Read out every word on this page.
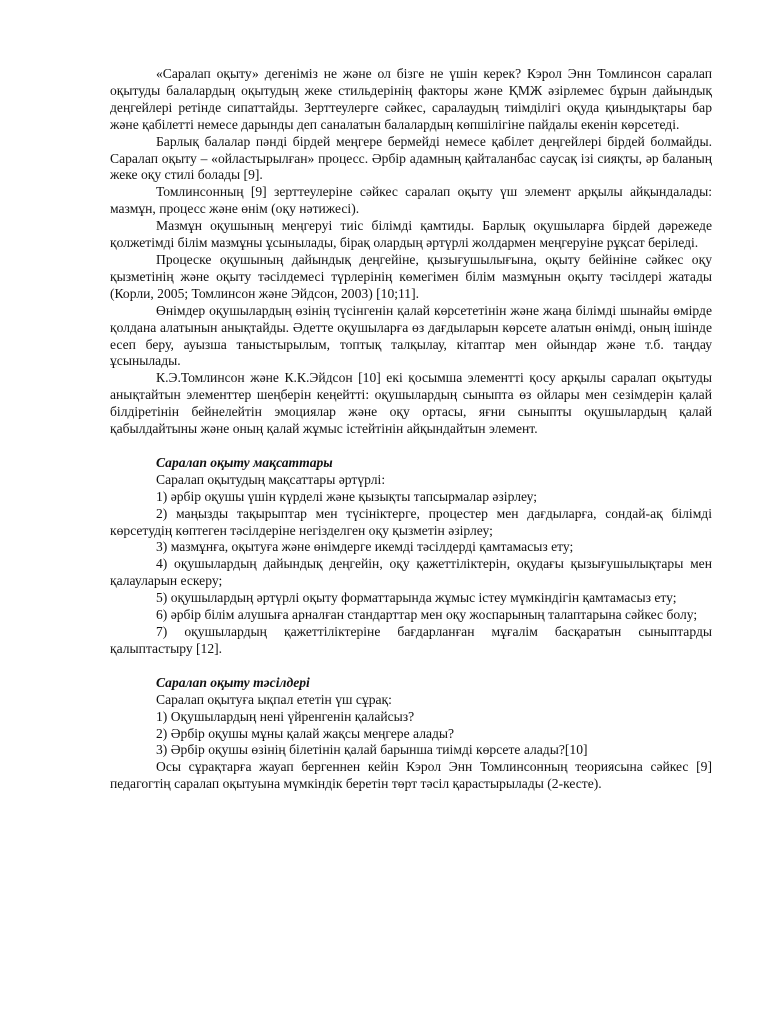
«Саралап оқыту» дегеніміз не және ол бізге не үшін керек? Кэрол Энн Томлинсон саралап оқытуды балалардың оқытудың жеке стильдерінің факторы және ҚМЖ әзірлемес бұрын дайындық деңгейлері ретінде сипаттайды. Зерттеулерге сәйкес, саралаудың тиімділігі оқуда қиындықтары бар және қабілетті немесе дарынды деп саналатын балалардың көпшілігіне пайдалы екенін көрсетеді.

Барлық балалар пәнді бірдей меңгере бермейді немесе қабілет деңгейлері бірдей болмайды. Саралап оқыту – «ойластырылған» процесс. Әрбір адамның қайталанбас саусақ ізі сияқты, әр баланың жеке оқу стилі болады [9].

Томлинсонның [9] зерттеулеріне сәйкес саралап оқыту үш элемент арқылы айқындалады: мазмұн, процесс және өнім (оқу нәтижесі).

Мазмұн оқушының меңгеруі тиіс білімді қамтиды. Барлық оқушыларға бірдей дәрежеде қолжетімді білім мазмұны ұсынылады, бірақ олардың әртүрлі жолдармен меңгеруіне рұқсат беріледі.

Процеске оқушының дайындық деңгейіне, қызығушылығына, оқыту бейініне сәйкес оқу қызметінің және оқыту тәсілдемесі түрлерінің көмегімен білім мазмұнын оқыту тәсілдері жатады (Корли, 2005; Томлинсон және Эйдсон, 2003) [10;11].

Өнімдер оқушылардың өзінің түсінгенін қалай көрсететінін және жаңа білімді шынайы өмірде қолдана алатынын анықтайды. Әдетте оқушыларға өз дағдыларын көрсете алатын өнімді, оның ішінде есеп беру, ауызша таныстырылым, топтық талқылау, кітаптар мен ойындар және т.б. таңдау ұсынылады.

К.Э.Томлинсон және К.К.Эйдсон [10] екі қосымша элементті қосу арқылы саралап оқытуды анықтайтын элементтер шеңберін кеңейтті: оқушылардың сыныпта өз ойлары мен сезімдерін қалай білдіретінін бейнелейтін эмоциялар және оқу ортасы, яғни сыныпты оқушылардың қалай қабылдайтыны және оның қалай жұмыс істейтінін айқындайтын элемент.

Саралап оқыту мақсаттары

Саралап оқытудың мақсаттары әртүрлі:

1) әрбір оқушы үшін күрделі және қызықты тапсырмалар әзірлеу;

2) маңызды тақырыптар мен түсініктерге, процестер мен дағдыларға, сондай-ақ білімді көрсетудің көптеген тәсілдеріне негізделген оқу қызметін әзірлеу;

3) мазмұнға, оқытуға және өнімдерге икемді тәсілдерді қамтамасыз ету;

4) оқушылардың дайындық деңгейін, оқу қажеттіліктерін, оқудағы қызығушылықтары мен қалауларын ескеру;

5) оқушылардың әртүрлі оқыту форматтарында жұмыс істеу мүмкіндігін қамтамасыз ету;

6) әрбір білім алушыға арналған стандарттар мен оқу жоспарының талаптарына сәйкес болу;

7) оқушылардың қажеттіліктеріне бағдарланған мұғалім басқаратын сыныптарды қалыптастыру [12].

Саралап оқыту тәсілдері

Саралап оқытуға ықпал ететін үш сұрақ:

1) Оқушылардың нені үйренгенін қалайсыз?

2) Әрбір оқушы мұны қалай жақсы меңгере алады?

3) Әрбір оқушы өзінің білетінін қалай барынша тиімді көрсете алады?[10]

Осы сұрақтарға жауап бергеннен кейін Кэрол Энн Томлинсонның теориясына сәйкес [9] педагогтің саралап оқытуына мүмкіндік беретін төрт тәсіл қарастырылады (2-кесте).
